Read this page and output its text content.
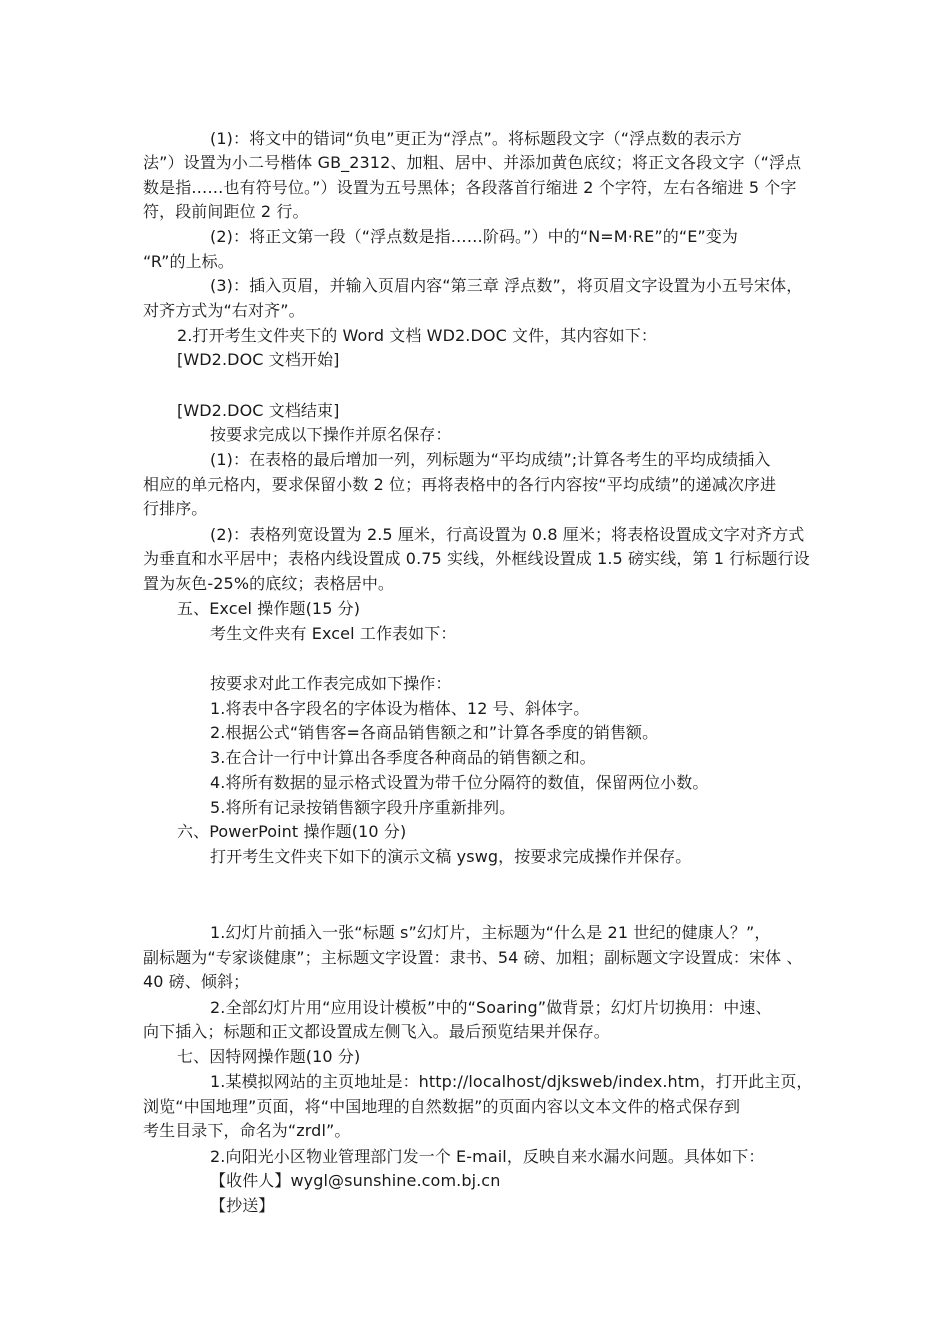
(1)：将文中的错词“负电”更正为“浮点”。将标题段文字（“浮点数的表示方
法”）设置为小二号楷体 GB_2312、加粗、居中、并添加黄色底纹；将正文各段文字（“浮点
数是指……也有符号位。”）设置为五号黑体；各段落首行缩进 2 个字符，左右各缩进 5 个字
符，段前间距位 2 行。
(2)：将正文第一段（“浮点数是指……阶码。”）中的“N=M·RE”的“E”变为
“R”的上标。
(3)：插入页眉，并输入页眉内容“第三章 浮点数”，将页眉文字设置为小五号宋体，
对齐方式为“右对齐”。
2.打开考生文件夹下的 Word 文档 WD2.DOC 文件，其内容如下：
[WD2.DOC 文档开始]
[WD2.DOC 文档结束]
按要求完成以下操作并原名保存：
(1)：在表格的最后增加一列，列标题为“平均成绩”;计算各考生的平均成绩插入
相应的单元格内，要求保留小数 2 位；再将表格中的各行内容按“平均成绩”的递减次序进
行排序。
(2)：表格列宽设置为 2.5 厘米，行高设置为 0.8 厘米；将表格设置成文字对齐方式
为垂直和水平居中；表格内线设置成 0.75 实线，外框线设置成 1.5 磅实线，第 1 行标题行设
置为灰色-25%的底纹；表格居中。
五、Excel 操作题(15 分)
考生文件夹有 Excel 工作表如下：
按要求对此工作表完成如下操作：
1.将表中各字段名的字体设为楷体、12 号、斜体字。
2.根据公式“销售客=各商品销售额之和”计算各季度的销售额。
3.在合计一行中计算出各季度各种商品的销售额之和。
4.将所有数据的显示格式设置为带千位分隔符的数值，保留两位小数。
5.将所有记录按销售额字段升序重新排列。
六、PowerPoint 操作题(10 分)
打开考生文件夹下如下的演示文稿 yswg，按要求完成操作并保存。
1.幻灯片前插入一张“标题 s”幻灯片，主标题为“什么是 21 世纪的健康人？”，
副标题为“专家谈健康”；主标题文字设置：隶书、54 磅、加粗；副标题文字设置成：宋体 、
40 磅、倾斜；
2.全部幻灯片用“应用设计模板”中的“Soaring”做背景；幻灯片切换用：中速、
向下插入；标题和正文都设置成左侧飞入。最后预览结果并保存。
七、因特网操作题(10 分)
1.某模拟网站的主页地址是：http://localhost/djksweb/index.htm，打开此主页，
浏览“中国地理”页面，将“中国地理的自然数据”的页面内容以文本文件的格式保存到
考生目录下，命名为“zrdl”。
2.向阳光小区物业管理部门发一个 E-mail，反映自来水漏水问题。具体如下：
【收件人】wygl@sunshine.com.bj.cn
【抄送】
